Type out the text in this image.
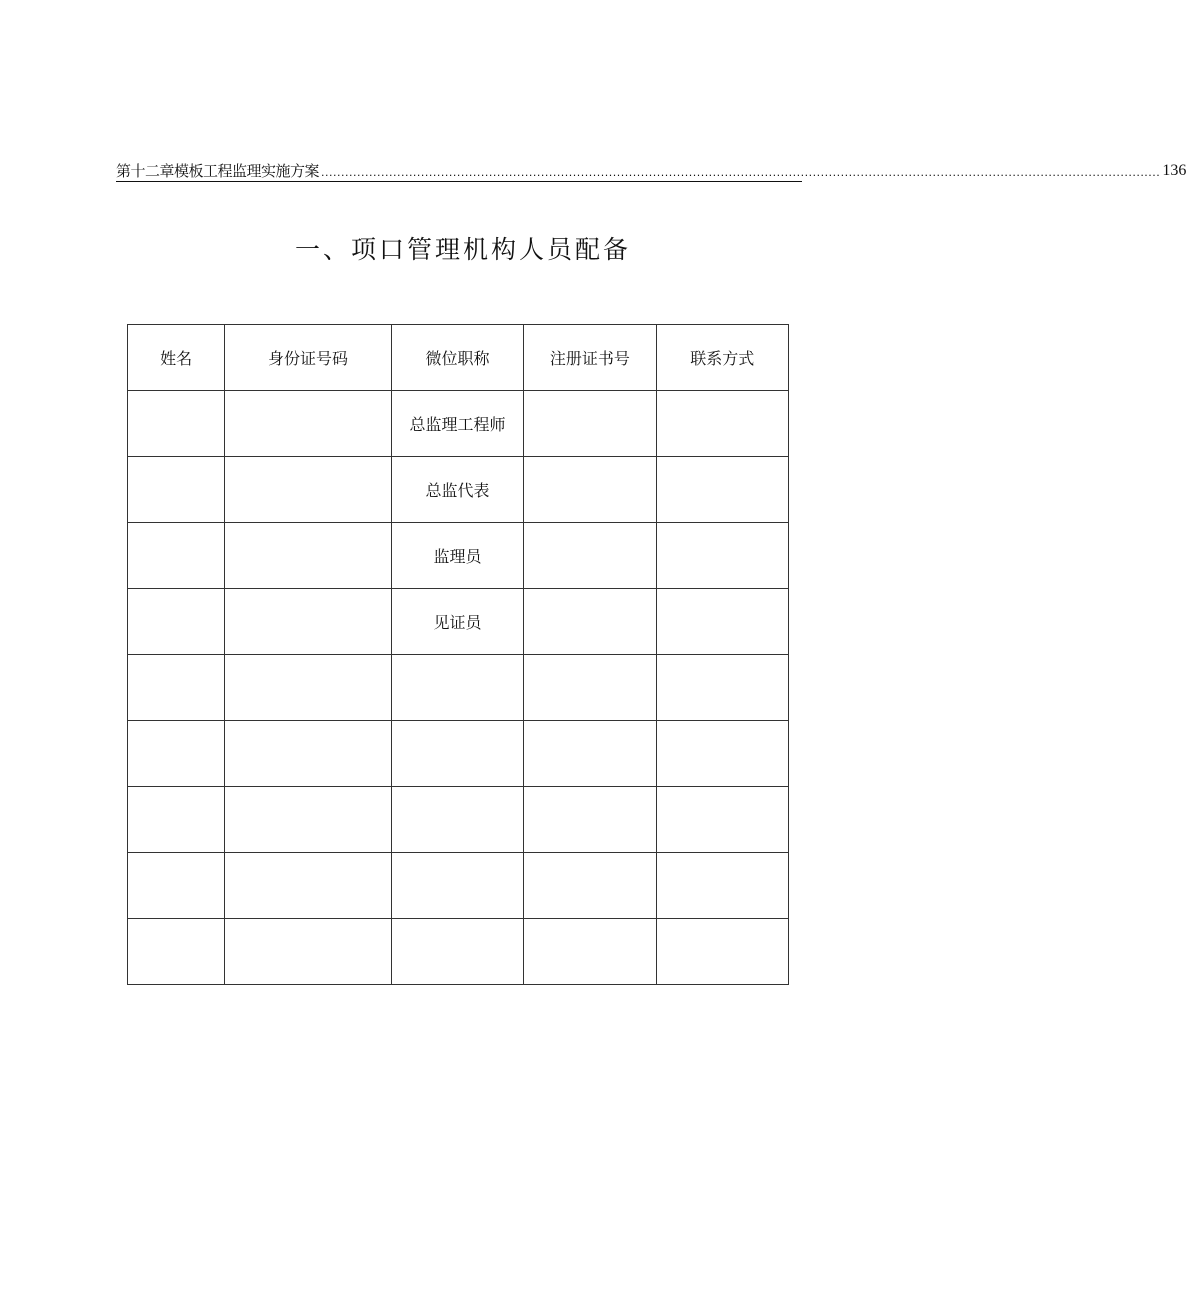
第十二章模板工程监理实施方案 .................................................................................................................................................................................................................. 136
一、项口管理机构人员配备
姓名	身份证号码	微位职称	注册证书号	联系方式
		总监理工程师		
		总监代表		
		监理员		
		见证员		
